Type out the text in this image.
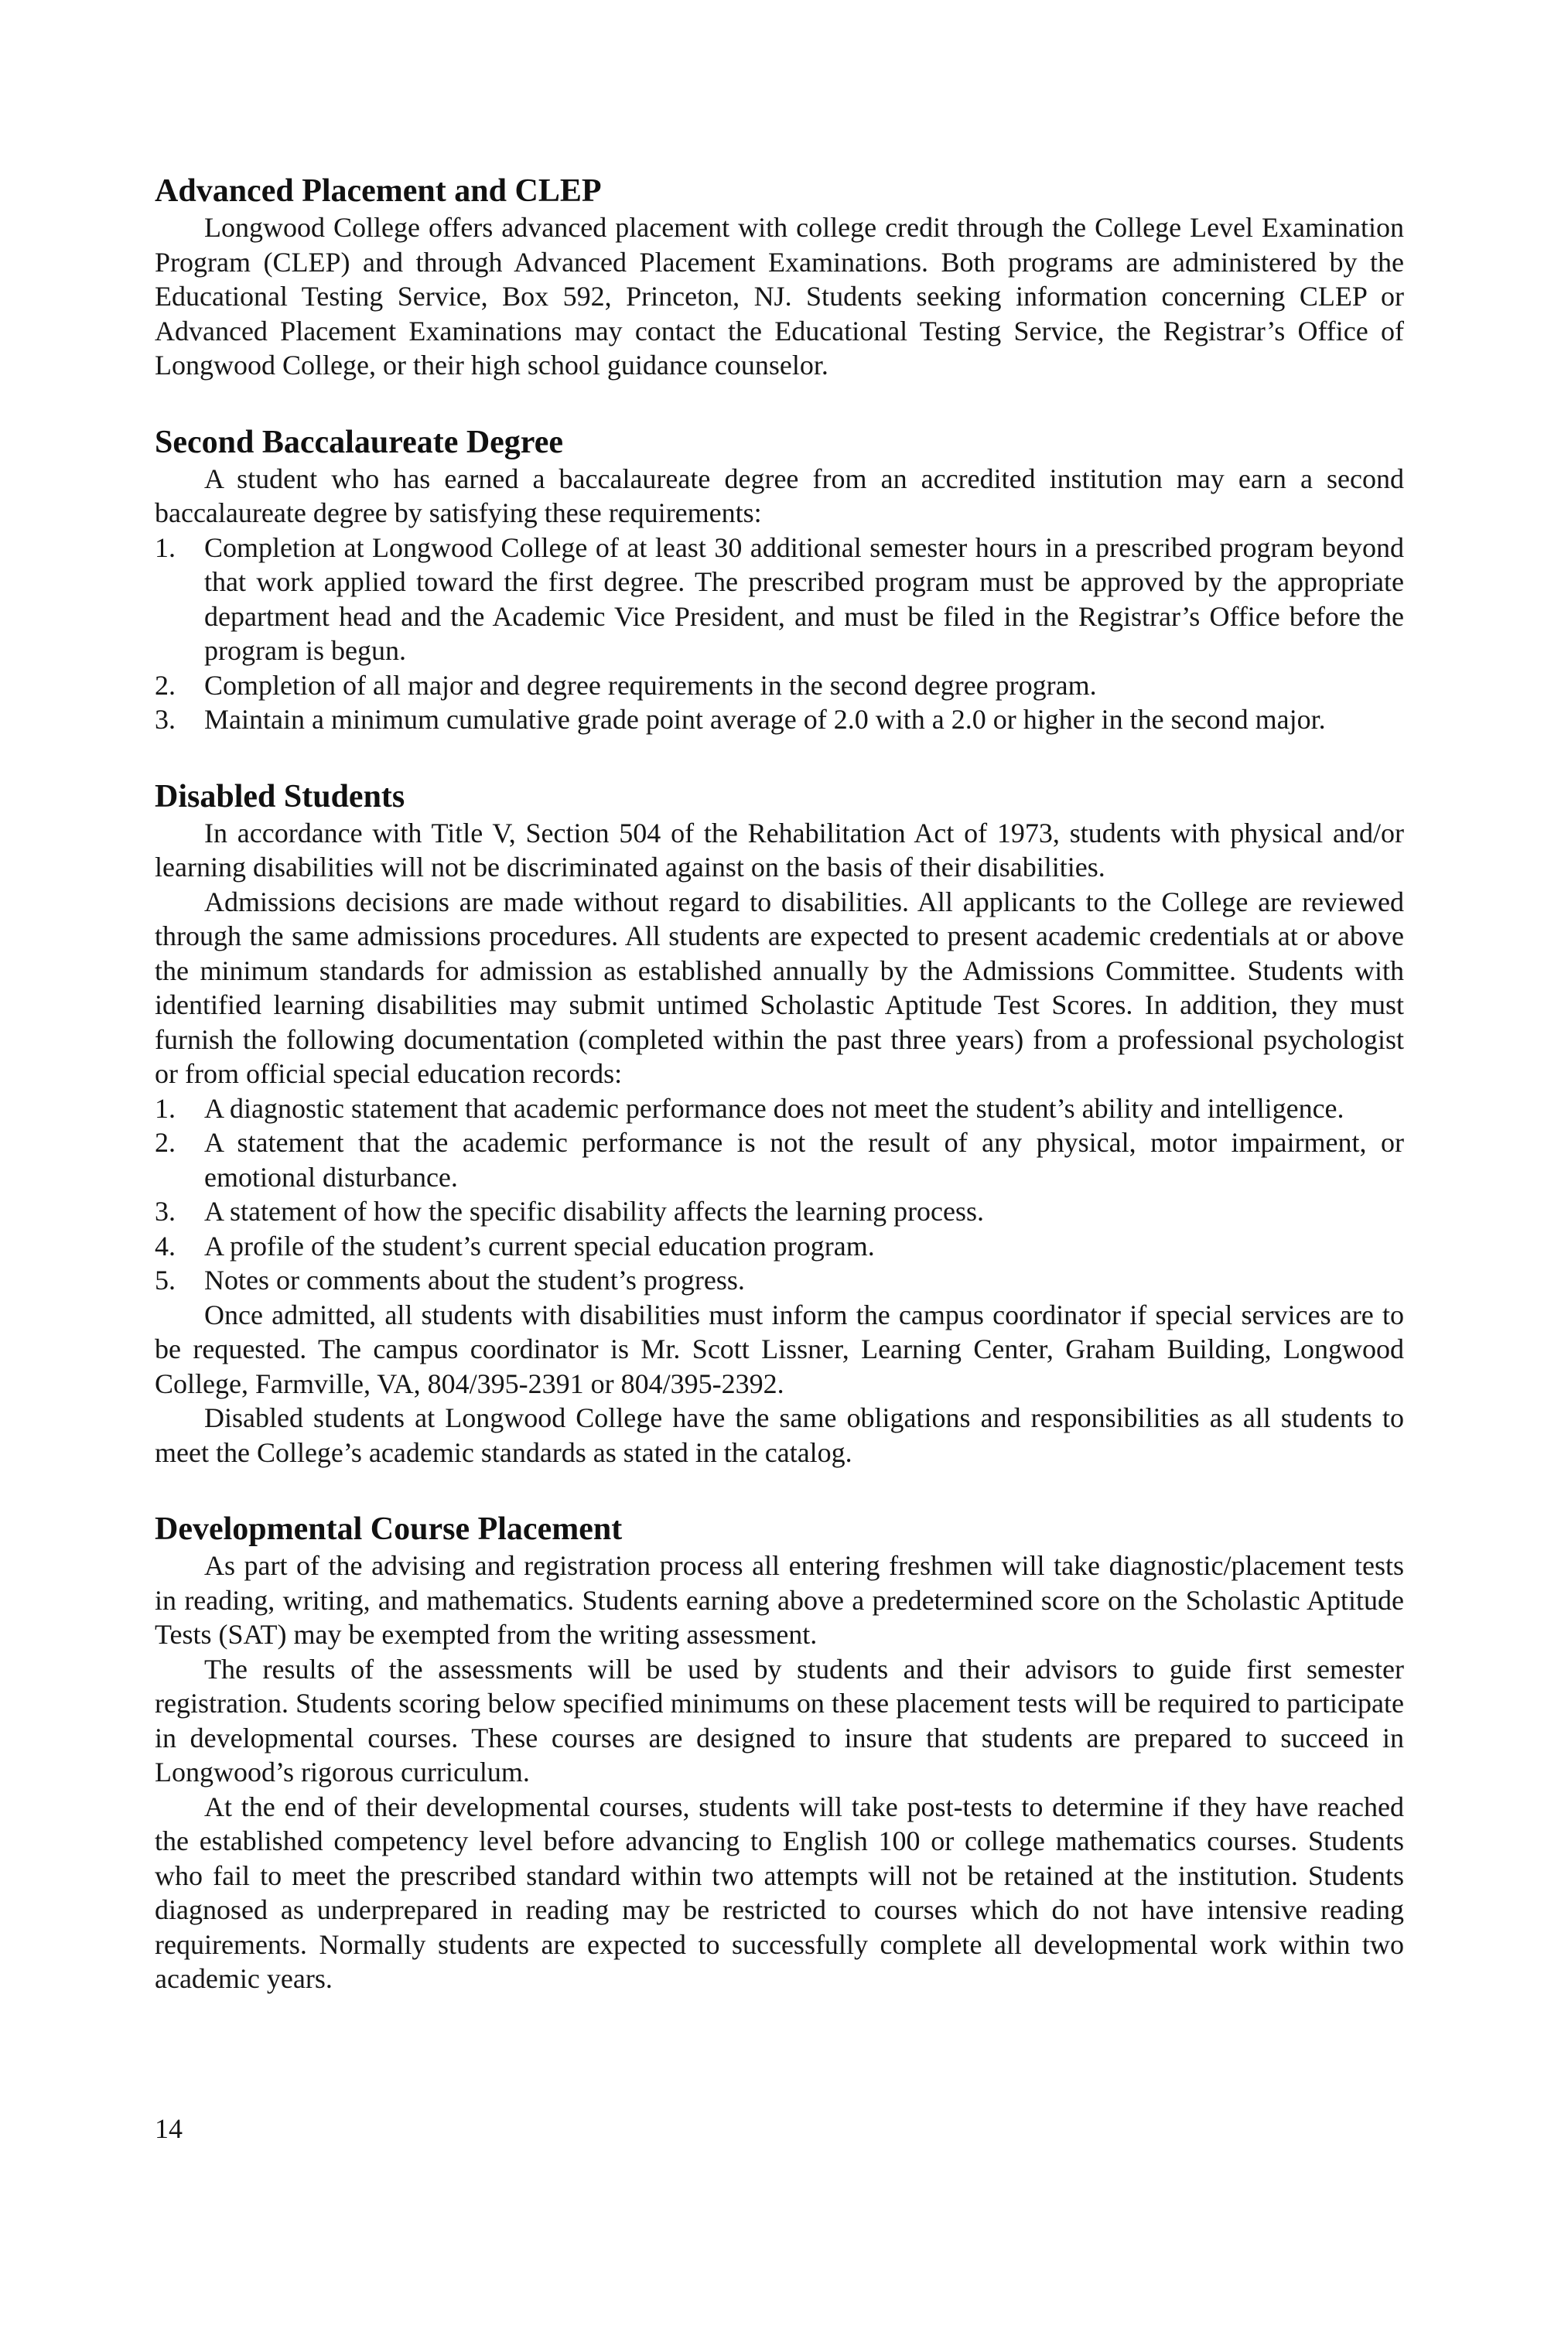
Advanced Placement and CLEP

Longwood College offers advanced placement with college credit through the College Level Examination Program (CLEP) and through Advanced Placement Examinations. Both programs are administered by the Educational Testing Service, Box 592, Princeton, NJ. Students seeking information concerning CLEP or Advanced Placement Examinations may contact the Educational Testing Service, the Registrar’s Office of Longwood College, or their high school guidance counselor.

Second Baccalaureate Degree

A student who has earned a baccalaureate degree from an accredited institution may earn a second baccalaureate degree by satisfying these requirements:

1. Completion at Longwood College of at least 30 additional semester hours in a prescribed program beyond that work applied toward the first degree. The prescribed program must be approved by the appropriate department head and the Academic Vice President, and must be filed in the Registrar’s Office before the program is begun.
2. Completion of all major and degree requirements in the second degree program.
3. Maintain a minimum cumulative grade point average of 2.0 with a 2.0 or higher in the second major.
Disabled Students

In accordance with Title V, Section 504 of the Rehabilitation Act of 1973, students with physical and/or learning disabilities will not be discriminated against on the basis of their disabilities.

Admissions decisions are made without regard to disabilities. All applicants to the College are reviewed through the same admissions procedures. All students are expected to present academic credentials at or above the minimum standards for admission as established annually by the Admissions Committee. Students with identified learning disabilities may submit untimed Scholastic Aptitude Test Scores. In addition, they must furnish the following documentation (completed within the past three years) from a professional psychologist or from official special education records:

1. A diagnostic statement that academic performance does not meet the student’s ability and intelligence.
2. A statement that the academic performance is not the result of any physical, motor impairment, or emotional disturbance.
3. A statement of how the specific disability affects the learning process.
4. A profile of the student’s current special education program.
5. Notes or comments about the student’s progress.

Once admitted, all students with disabilities must inform the campus coordinator if special services are to be requested. The campus coordinator is Mr. Scott Lissner, Learning Center, Graham Building, Longwood College, Farmville, VA, 804/395-2391 or 804/395-2392.

Disabled students at Longwood College have the same obligations and responsibilities as all students to meet the College’s academic standards as stated in the catalog.

Developmental Course Placement

As part of the advising and registration process all entering freshmen will take diagnostic/placement tests in reading, writing, and mathematics. Students earning above a predetermined score on the Scholastic Aptitude Tests (SAT) may be exempted from the writing assessment.

The results of the assessments will be used by students and their advisors to guide first semester registration. Students scoring below specified minimums on these placement tests will be required to participate in developmental courses. These courses are designed to insure that students are prepared to succeed in Longwood’s rigorous curriculum.

At the end of their developmental courses, students will take post-tests to determine if they have reached the established competency level before advancing to English 100 or college mathematics courses. Students who fail to meet the prescribed standard within two attempts will not be retained at the institution. Students diagnosed as underprepared in reading may be restricted to courses which do not have intensive reading requirements. Normally students are expected to successfully complete all developmental work within two academic years.

14
